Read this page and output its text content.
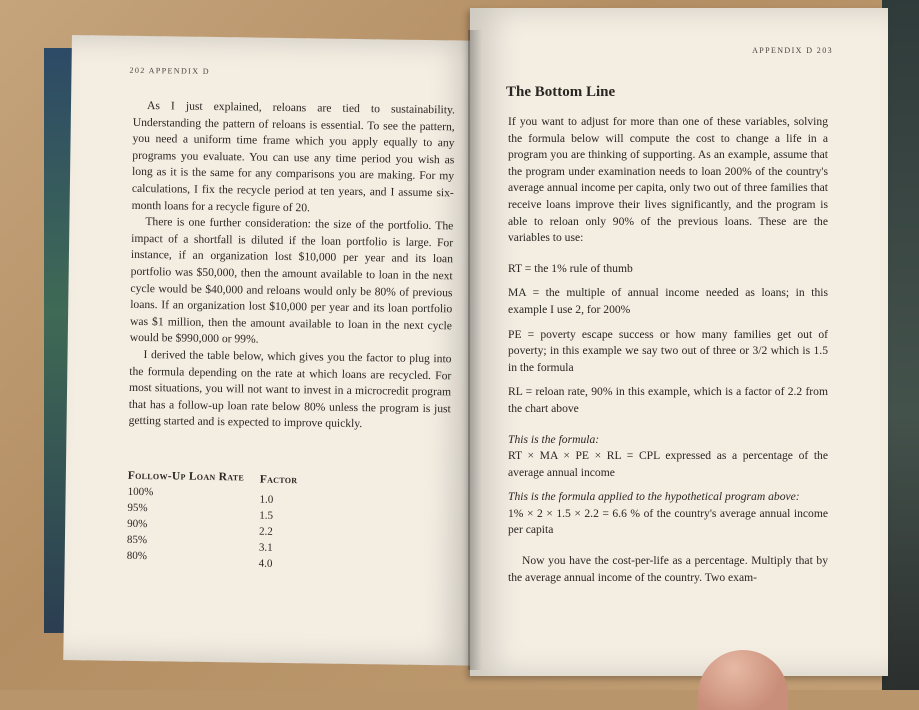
202 APPENDIX D

As I just explained, reloans are tied to sustainability. Understanding the pattern of reloans is essential. To see the pattern, you need a uniform time frame which you apply equally to any programs you evaluate. You can use any time period you wish as long as it is the same for any comparisons you are making. For my calculations, I fix the recycle period at ten years, and I assume six-month loans for a recycle figure of 20.

There is one further consideration: the size of the portfolio. The impact of a shortfall is diluted if the loan portfolio is large. For instance, if an organization lost $10,000 per year and its loan portfolio was $50,000, then the amount available to loan in the next cycle would be $40,000 and reloans would only be 80% of previous loans. If an organization lost $10,000 per year and its loan portfolio was $1 million, then the amount available to loan in the next cycle would be $990,000 or 99%.

I derived the table below, which gives you the factor to plug into the formula depending on the rate at which loans are recycled. For most situations, you will not want to invest in a microcredit program that has a follow-up loan rate below 80% unless the program is just getting started and is expected to improve quickly.

Follow-Up Loan Rate
100%
95%
90%
85%
80%
Factor
1.0
1.5
2.2
3.1
4.0
APPENDIX D 203
The Bottom Line

If you want to adjust for more than one of these variables, solving the formula below will compute the cost to change a life in a program you are thinking of supporting. As an example, assume that the program under examination needs to loan 200% of the country's average annual income per capita, only two out of three families that receive loans improve their lives significantly, and the program is able to reloan only 90% of the previous loans. These are the variables to use:

RT = the 1% rule of thumb

MA = the multiple of annual income needed as loans; in this example I use 2, for 200%

PE = poverty escape success or how many families get out of poverty; in this example we say two out of three or 3/2 which is 1.5 in the formula

RL = reloan rate, 90% in this example, which is a factor of 2.2 from the chart above

This is the formula:

RT × MA × PE × RL = CPL expressed as a percentage of the average annual income

This is the formula applied to the hypothetical program above:

1% × 2 × 1.5 × 2.2 = 6.6 % of the country's average annual income per capita

Now you have the cost-per-life as a percentage. Multiply that by the average annual income of the country. Two exam-
